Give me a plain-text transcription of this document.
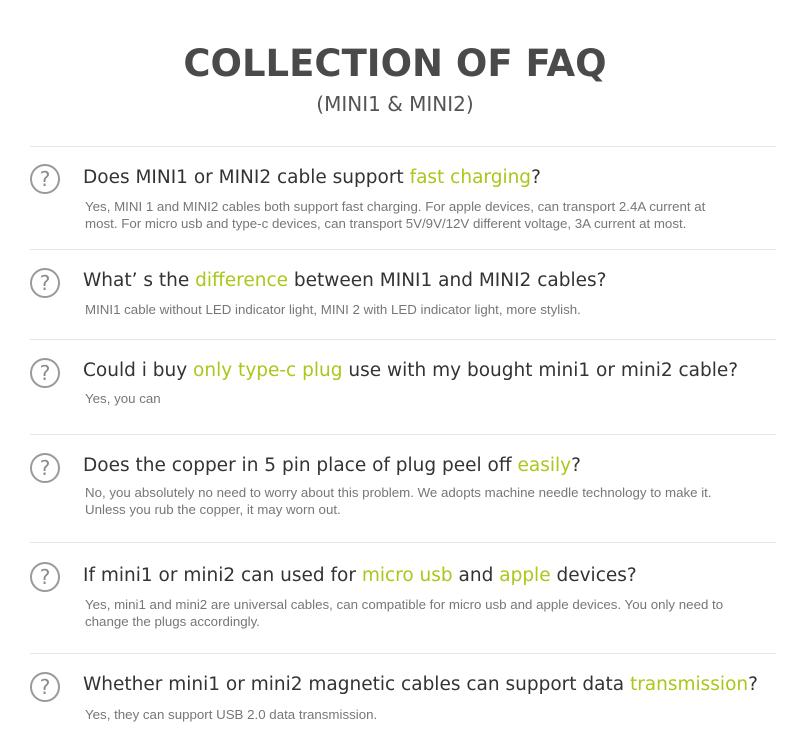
COLLECTION OF FAQ
(MINI1 & MINI2)
?	Does MINI1 or MINI2 cable support fast charging?
Yes, MINI 1 and MINI2 cables both support fast charging. For apple devices, can transport 2.4A current at most. For micro usb and type-c devices, can transport 5V/9V/12V different voltage, 3A current at most.
?	What’ s the difference between MINI1 and MINI2 cables?
MINI1 cable without LED indicator light, MINI 2 with LED indicator light, more stylish.
?	Could i buy only type-c plug use with my bought mini1 or mini2 cable?
Yes, you can
?	Does the copper in 5 pin place of plug peel off easily?
No, you absolutely no need to worry about this problem. We adopts machine needle technology to make it. Unless you rub the copper, it may worn out.
?	If mini1 or mini2 can used for micro usb and apple devices?
Yes, mini1 and mini2 are universal cables, can compatible for micro usb and apple devices. You only need to change the plugs accordingly.
?	Whether mini1 or mini2 magnetic cables can support data transmission?
Yes, they can support USB 2.0 data transmission.
